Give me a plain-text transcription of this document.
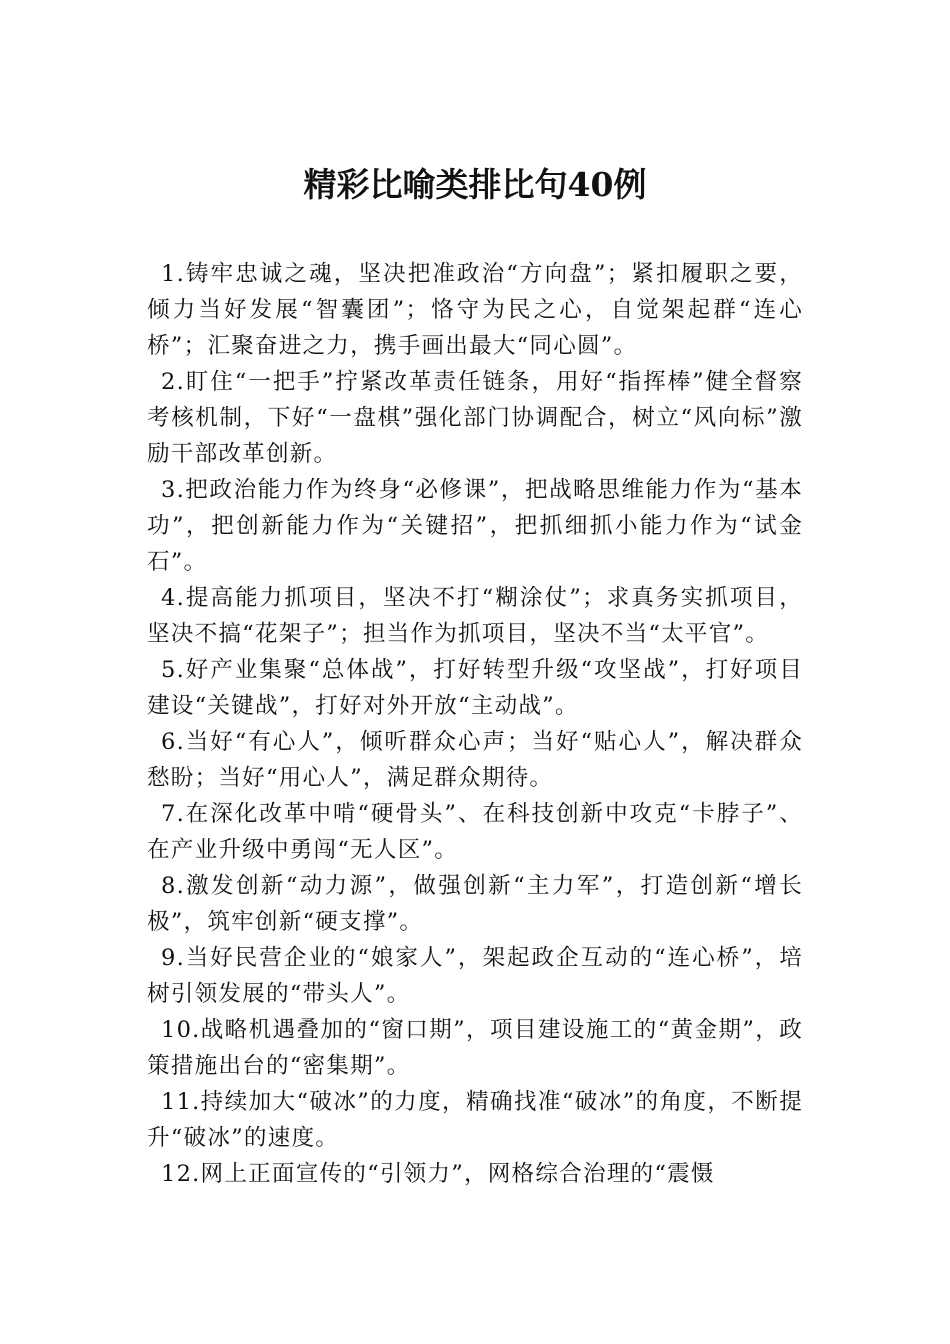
精彩比喻类排比句40例
1.铸牢忠诚之魂，坚决把准政治“方向盘”；紧扣履职之要，倾力当好发展“智囊团”；恪守为民之心，自觉架起群“连心桥”；汇聚奋进之力，携手画出最大“同心圆”。
2.盯住“一把手”拧紧改革责任链条，用好“指挥棒”健全督察考核机制，下好“一盘棋”强化部门协调配合，树立“风向标”激励干部改革创新。
3.把政治能力作为终身“必修课”，把战略思维能力作为“基本功”，把创新能力作为“关键招”，把抓细抓小能力作为“试金石”。
4.提高能力抓项目，坚决不打“糊涂仗”；求真务实抓项目，坚决不搞“花架子”；担当作为抓项目，坚决不当“太平官”。
5.好产业集聚“总体战”，打好转型升级“攻坚战”，打好项目建设“关键战”，打好对外开放“主动战”。
6.当好“有心人”，倾听群众心声；当好“贴心人”，解决群众愁盼；当好“用心人”，满足群众期待。
7.在深化改革中啃“硬骨头”、在科技创新中攻克“卡脖子”、在产业升级中勇闯“无人区”。
8.激发创新“动力源”，做强创新“主力军”，打造创新“增长极”，筑牢创新“硬支撑”。
9.当好民营企业的“娘家人”，架起政企互动的“连心桥”，培树引领发展的“带头人”。
10.战略机遇叠加的“窗口期”，项目建设施工的“黄金期”，政策措施出台的“密集期”。
11.持续加大“破冰”的力度，精确找准“破冰”的角度，不断提升“破冰”的速度。
12.网上正面宣传的“引领力”，网格综合治理的“震慑
